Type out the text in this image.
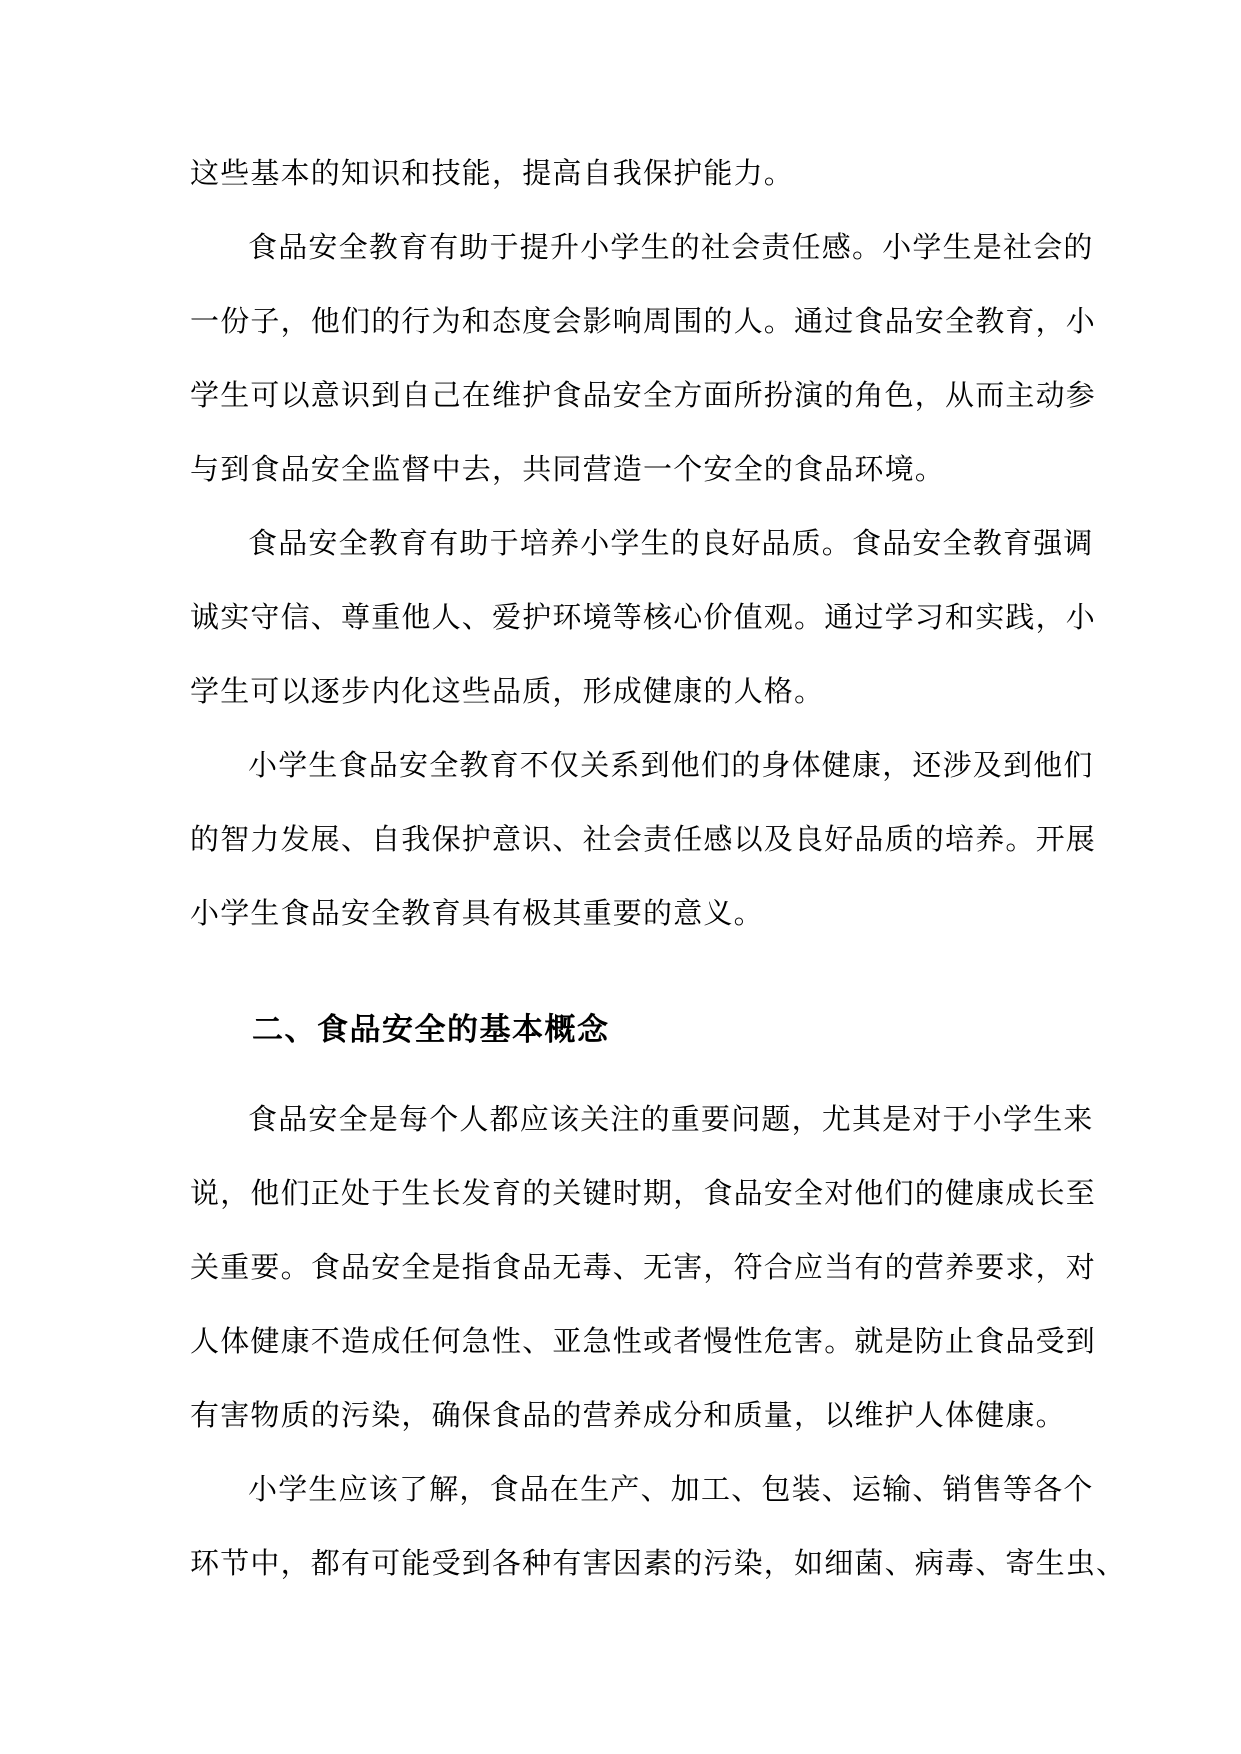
这些基本的知识和技能，提高自我保护能力。

食品安全教育有助于提升小学生的社会责任感。小学生是社会的
一份子，他们的行为和态度会影响周围的人。通过食品安全教育，小
学生可以意识到自己在维护食品安全方面所扮演的角色，从而主动参
与到食品安全监督中去，共同营造一个安全的食品环境。

食品安全教育有助于培养小学生的良好品质。食品安全教育强调
诚实守信、尊重他人、爱护环境等核心价值观。通过学习和实践，小
学生可以逐步内化这些品质，形成健康的人格。

小学生食品安全教育不仅关系到他们的身体健康，还涉及到他们
的智力发展、自我保护意识、社会责任感以及良好品质的培养。开展
小学生食品安全教育具有极其重要的意义。

二、食品安全的基本概念

食品安全是每个人都应该关注的重要问题，尤其是对于小学生来
说，他们正处于生长发育的关键时期，食品安全对他们的健康成长至
关重要。食品安全是指食品无毒、无害，符合应当有的营养要求，对
人体健康不造成任何急性、亚急性或者慢性危害。就是防止食品受到
有害物质的污染，确保食品的营养成分和质量，以维护人体健康。

小学生应该了解，食品在生产、加工、包装、运输、销售等各个
环节中，都有可能受到各种有害因素的污染，如细菌、病毒、寄生虫、
